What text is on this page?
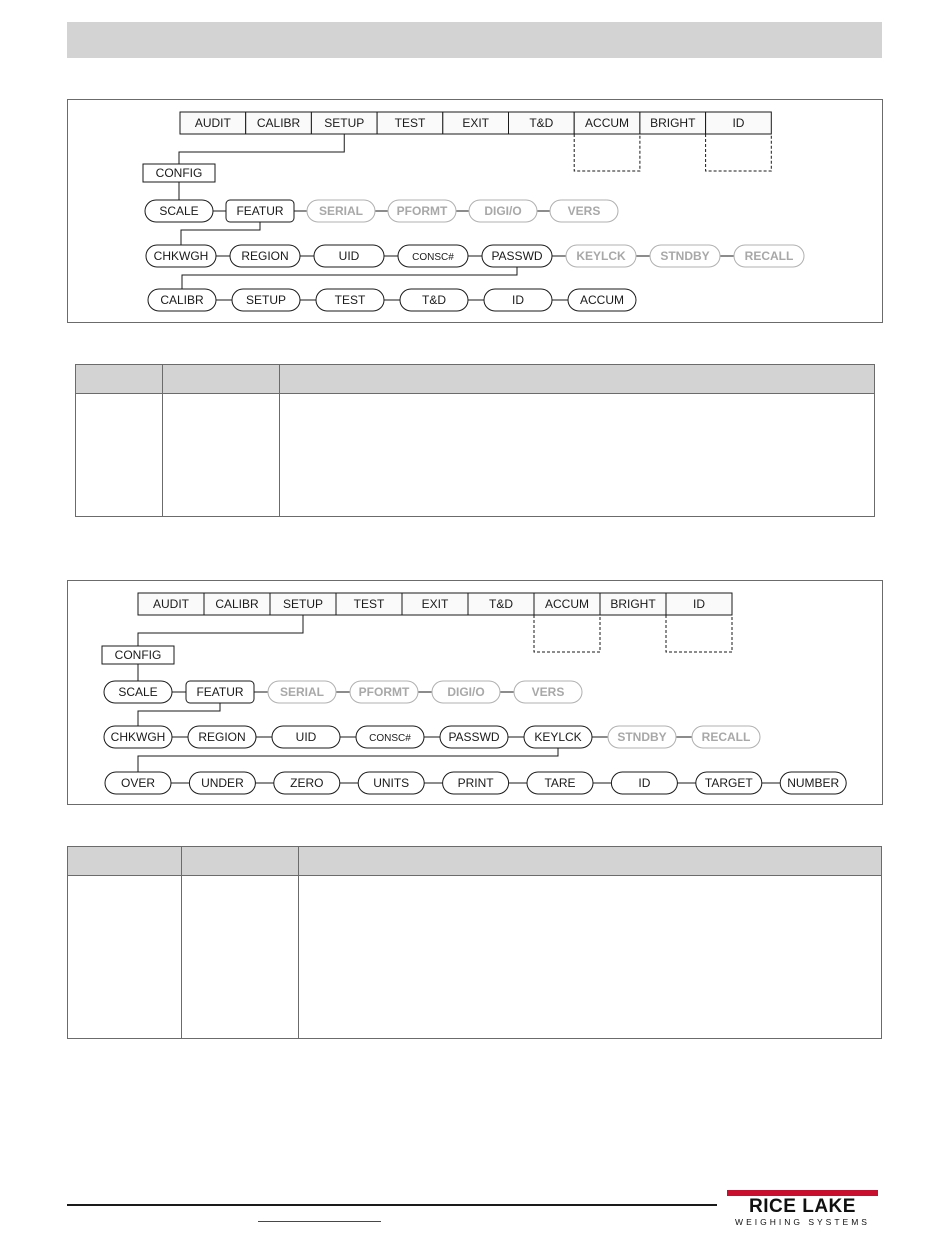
AUDIT CALIBR SETUP	TEST	EXIT	T&D	ACCUM BRIGHT	ID
CONFIG
SCALE	FEATUR	SERIAL	PFORMT	DIGI/O	VERS
CHKWGH	REGION	UID	CONSC#	PASSWD	KEYLCK	STNDBY	RECALL
CALIBR	SETUP	TEST	T&D	ID	ACCUM

AUDIT CALIBR SETUP	TEST	EXIT	T&D	ACCUM BRIGHT	ID
CONFIG
SCALE	FEATUR	SERIAL	PFORMT	DIGI/O	VERS
CHKWGH	REGION	UID	CONSC#	PASSWD	KEYLCK	STNDBY	RECALL
OVER	UNDER	ZERO	UNITS	PRINT	TARE	ID	TARGET	NUMBER

RICE LAKE
WEIGHING SYSTEMS
